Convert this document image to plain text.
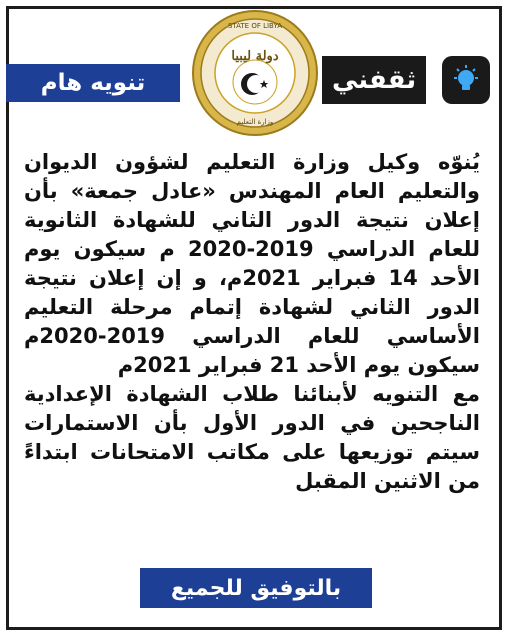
تنويه هام
دولة ليبيا
STATE OF LIBYA
وزارة التعليم
ثقفني

يُنوّه وكيل وزارة التعليم لشؤون الديوان والتعليم العام المهندس «عادل جمعة» بأن إعلان نتيجة الدور الثاني للشهادة الثانوية للعام الدراسي 2019-2020 م سيكون يوم الأحد 14 فبراير 2021م، و إن إعلان نتيجة الدور الثاني لشهادة إتمام مرحلة التعليم الأساسي للعام الدراسي 2019-2020م سيكون يوم الأحد 21 فبراير 2021م

مع التنويه لأبنائنا طلاب الشهادة الإعدادية الناجحين في الدور الأول بأن الاستمارات سيتم توزيعها على مكاتب الامتحانات ابتداءً من الاثنين المقبل

بالتوفيق للجميع
